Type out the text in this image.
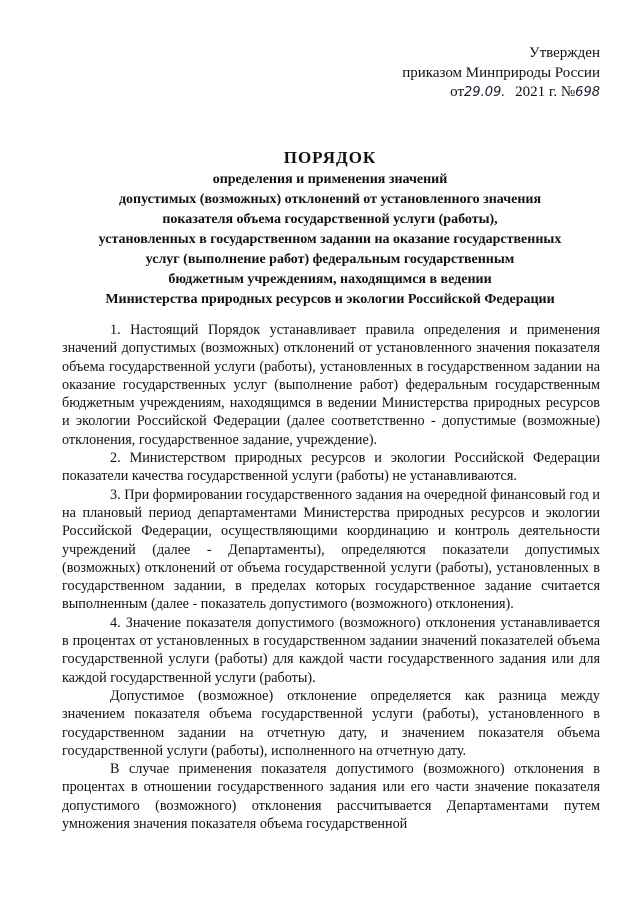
Утвержден
приказом Минприроды России
от29.09. 2021 г. №698
ПОРЯДОК
определения и применения значений
допустимых (возможных) отклонений от установленного значения
показателя объема государственной услуги (работы),
установленных в государственном задании на оказание государственных
услуг (выполнение работ) федеральным государственным
бюджетным учреждениям, находящимся в ведении
Министерства природных ресурсов и экологии Российской Федерации

1. Настоящий Порядок устанавливает правила определения и применения значений допустимых (возможных) отклонений от установленного значения показателя объема государственной услуги (работы), установленных в государственном задании на оказание государственных услуг (выполнение работ) федеральным государственным бюджетным учреждениям, находящимся в ведении Министерства природных ресурсов и экологии Российской Федерации (далее соответственно - допустимые (возможные) отклонения, государственное задание, учреждение).

2. Министерством природных ресурсов и экологии Российской Федерации показатели качества государственной услуги (работы) не устанавливаются.

3. При формировании государственного задания на очередной финансовый год и на плановый период департаментами Министерства природных ресурсов и экологии Российской Федерации, осуществляющими координацию и контроль деятельности учреждений (далее - Департаменты), определяются показатели допустимых (возможных) отклонений от объема государственной услуги (работы), установленных в государственном задании, в пределах которых государственное задание считается выполненным (далее - показатель допустимого (возможного) отклонения).

4. Значение показателя допустимого (возможного) отклонения устанавливается в процентах от установленных в государственном задании значений показателей объема государственной услуги (работы) для каждой части государственного задания или для каждой государственной услуги (работы).

Допустимое (возможное) отклонение определяется как разница между значением показателя объема государственной услуги (работы), установленного в государственном задании на отчетную дату, и значением показателя объема государственной услуги (работы), исполненного на отчетную дату.

В случае применения показателя допустимого (возможного) отклонения в процентах в отношении государственного задания или его части значение показателя допустимого (возможного) отклонения рассчитывается Департаментами путем умножения значения показателя объема государственной
